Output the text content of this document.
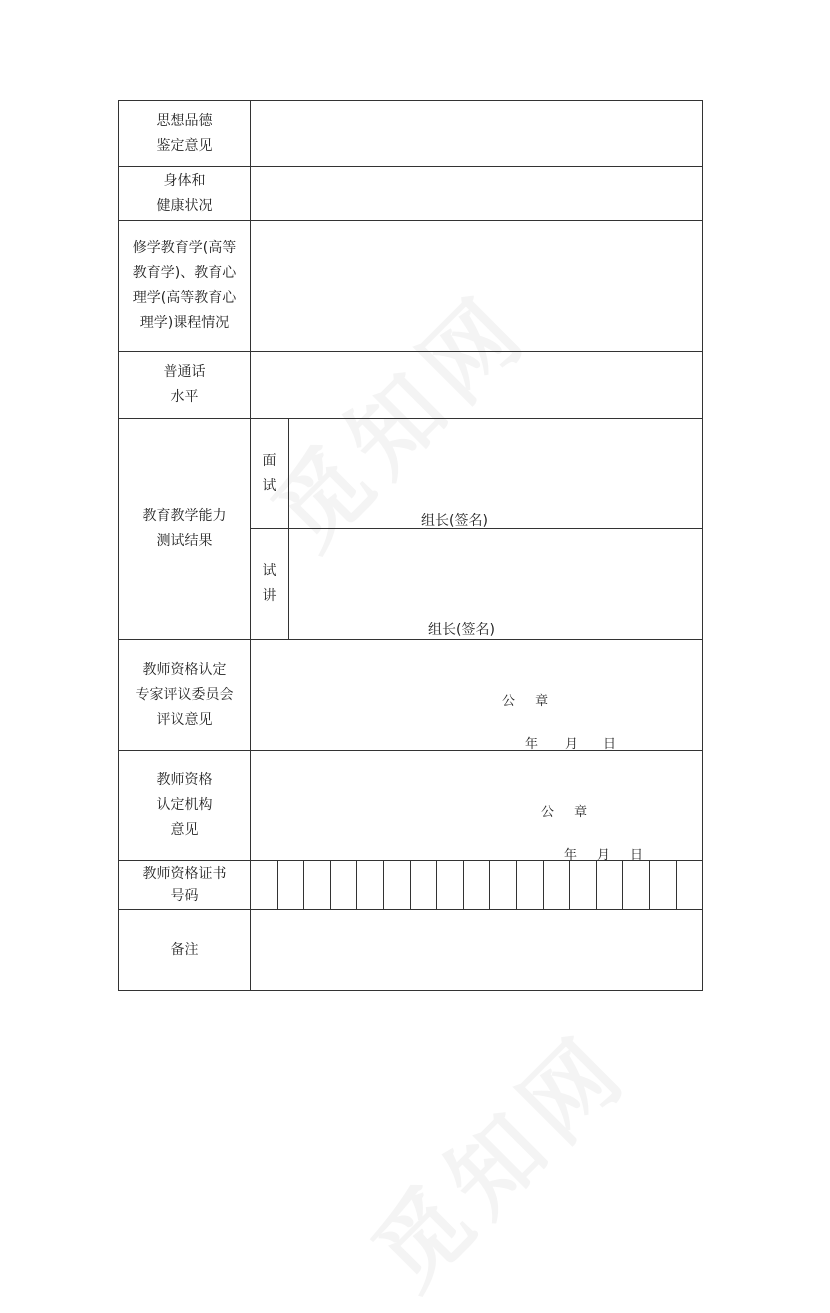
思想品德
鉴定意见
身体和
健康状况
修学教育学(高等
教育学)、教育心
理学(高等教育心
理学)课程情况
普通话
水平
教育教学能力
测试结果
面
试
组长(签名)
试
讲
组长(签名)
教师资格认定
专家评议委员会
评议意见
公 章
年 月 日
教师资格
认定机构
意见
公 章
年 月 日
教师资格证书
号码
备注
